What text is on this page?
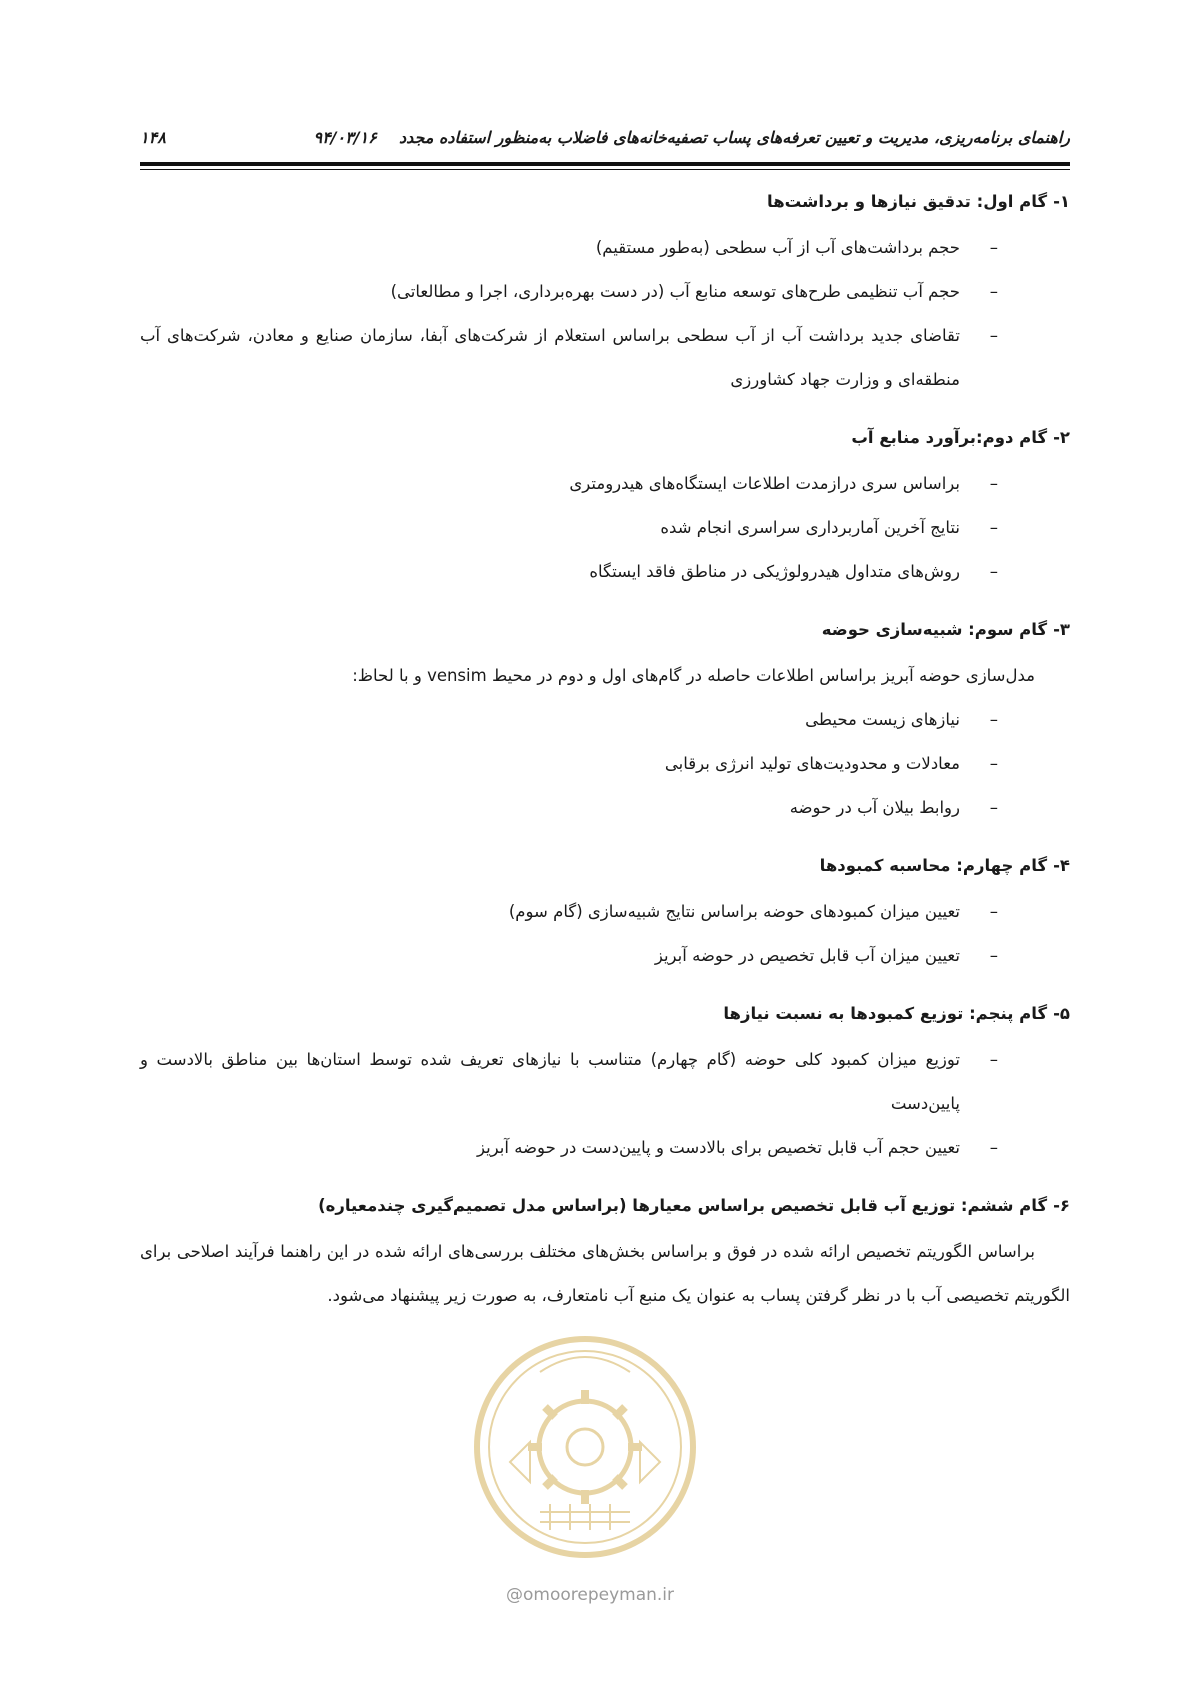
راهنمای برنامه‌ریزی، مدیریت و تعیین تعرفه‌های پساب تصفیه‌خانه‌های فاضلاب به‌منظور استفاده مجدد    ۹۴/۰۳/۱۶
۱۴۸
۱-گام اول: تدقیق نیازها و برداشت‌ها
–
حجم برداشت‌های آب از آب سطحی (به‌طور مستقیم)
–
حجم آب تنظیمی طرح‌های توسعه منابع آب (در دست بهره‌برداری، اجرا و مطالعاتی)
–
تقاضای جدید برداشت آب از آب سطحی براساس استعلام از شرکت‌های آبفا، سازمان صنایع و معادن، شرکت‌های آب منطقه‌ای و وزارت جهاد کشاورزی
۲-گام دوم:برآورد منابع آب
–
براساس سری درازمدت اطلاعات ایستگاه‌های هیدرومتری
–
نتایج آخرین آماربرداری سراسری انجام شده
–
روش‌های متداول هیدرولوژیکی در مناطق فاقد ایستگاه
۳-گام سوم: شبیه‌سازی حوضه

مدل‌سازی حوضه آبریز براساس اطلاعات حاصله در گام‌های اول و دوم در محیط vensim و با لحاظ:

–
نیازهای زیست محیطی
–
معادلات و محدودیت‌های تولید انرژی برقابی
–
روابط بیلان آب در حوضه
۴-گام چهارم: محاسبه کمبودها
–
تعیین میزان کمبودهای حوضه براساس نتایج شبیه‌سازی (گام سوم)
–
تعیین میزان آب قابل تخصیص در حوضه آبریز
۵-گام پنجم: توزیع کمبودها به نسبت نیازها
–
توزیع میزان کمبود کلی حوضه (گام چهارم) متناسب با نیازهای تعریف شده توسط استان‌ها بین مناطق بالادست و پایین‌دست
–
تعیین حجم آب قابل تخصیص برای بالادست و پایین‌دست در حوضه آبریز
۶-گام ششم: توزیع آب قابل تخصیص براساس معیارها (براساس مدل تصمیم‌گیری چندمعیاره)

براساس الگوریتم تخصیص ارائه شده در فوق و براساس بخش‌های مختلف بررسی‌های ارائه شده در این راهنما فرآیند اصلاحی برای الگوریتم تخصیصی آب با در نظر گرفتن پساب به عنوان یک منبع آب نامتعارف، به صورت زیر پیشنهاد می‌شود.

@omoorepeyman.ir
